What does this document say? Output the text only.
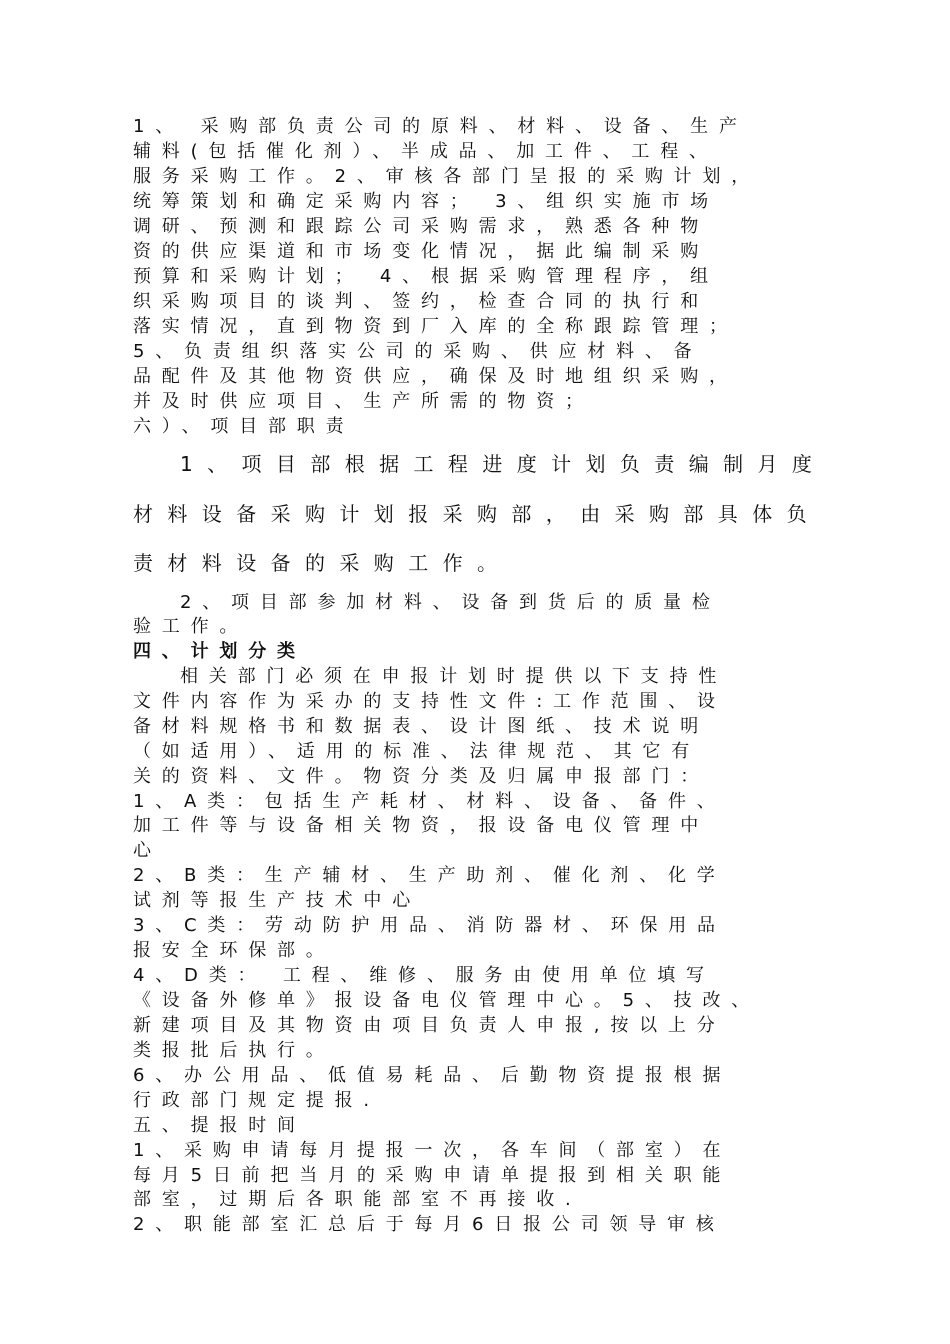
1、 采购部负责公司的原料、材料、设备、生产
辅料(包括催化剂）、半成品、加工件、工程、
服务采购工作。2、审核各部门呈报的采购计划，
统筹策划和确定采购内容； 3、组织实施市场
调研、预测和跟踪公司采购需求，熟悉各种物
资的供应渠道和市场变化情况，据此编制采购
预算和采购计划； 4、根据采购管理程序，组
织采购项目的谈判、签约，检查合同的执行和
落实情况，直到物资到厂入库的全称跟踪管理；
5、负责组织落实公司的采购、供应材料、备
品配件及其他物资供应，确保及时地组织采购，
并及时供应项目、生产所需的物资；
六）、项目部职责
1、项目部根据工程进度计划负责编制月度
材料设备采购计划报采购部，由采购部具体负
责材料设备的采购工作。
2、项目部参加材料、设备到货后的质量检
验工作。
四、计划分类
相关部门必须在申报计划时提供以下支持性
文件内容作为采办的支持性文件:工作范围、设
备材料规格书和数据表、设计图纸、技术说明
（如适用）、适用的标准、法律规范、其它有
关的资料、文件。物资分类及归属申报部门：
1、A类：包括生产耗材、材料、设备、备件、
加工件等与设备相关物资，报设备电仪管理中
心
2、B类：生产辅材、生产助剂、催化剂、化学
试剂等报生产技术中心
3、C类：劳动防护用品、消防器材、环保用品
报安全环保部。
4、D类： 工程、维修、服务由使用单位填写
《设备外修单》报设备电仪管理中心。5、技改、
新建项目及其物资由项目负责人申报,按以上分
类报批后执行。
6、办公用品、低值易耗品、后勤物资提报根据
行政部门规定提报.
五、提报时间
1、采购申请每月提报一次，各车间（部室）在
每月5日前把当月的采购申请单提报到相关职能
部室，过期后各职能部室不再接收.
2、职能部室汇总后于每月6日报公司领导审核
